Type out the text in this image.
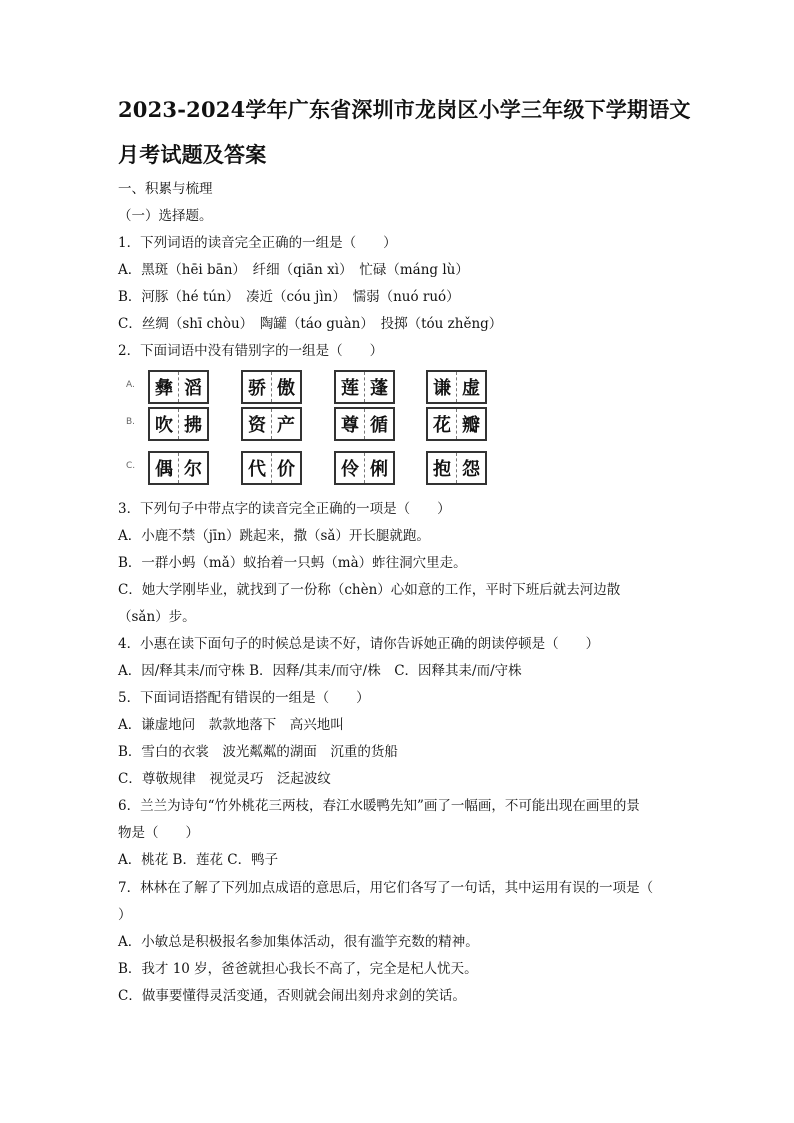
2023-2024学年广东省深圳市龙岗区小学三年级下学期语文
月考试题及答案
一、积累与梳理
（一）选择题。
1．下列词语的读音完全正确的一组是（　　）
A．黑斑（hēi bān）　纤细（qiān xì）　忙碌（máng lù）
B．河豚（hé tún）　凑近（cóu jìn）　懦弱（nuó ruó）
C．丝绸（shī chòu）　陶罐（táo guàn）　投掷（tóu zhěng）
2．下面词语中没有错别字的一组是（　　）
A. 彝 滔	骄 傲	莲 蓬	谦 虚
B. 吹 拂	资 产	尊 循	花 瓣
C. 偶 尔	代 价	伶 俐	抱 怨
3．下列句子中带点字的读音完全正确的一项是（　　）
A．小鹿不禁（jīn）跳起来，撒（sǎ）开长腿就跑。
B．一群小蚂（mǎ）蚁抬着一只蚂（mà）蚱往洞穴里走。
C．她大学刚毕业，就找到了一份称（chèn）心如意的工作，平时下班后就去河边散
（sǎn）步。
4．小惠在读下面句子的时候总是读不好，请你告诉她正确的朗读停顿是（　　）
A．因/释其耒/而守株 B．因释/其耒/而守/株　C．因释其耒/而/守株
5．下面词语搭配有错误的一组是（　　）
A．谦虚地问　款款地落下　高兴地叫
B．雪白的衣裳　波光粼粼的湖面　沉重的货船
C．尊敬规律　视觉灵巧　泛起波纹
6．兰兰为诗句“竹外桃花三两枝，春江水暖鸭先知”画了一幅画，不可能出现在画里的景
物是（　　）
A．桃花 B．莲花 C．鸭子
7．林林在了解了下列加点成语的意思后，用它们各写了一句话，其中运用有误的一项是（
）
A．小敏总是积极报名参加集体活动，很有滥竽充数的精神。
B．我才 10 岁，爸爸就担心我长不高了，完全是杞人忧天。
C．做事要懂得灵活变通，否则就会闹出刻舟求剑的笑话。
